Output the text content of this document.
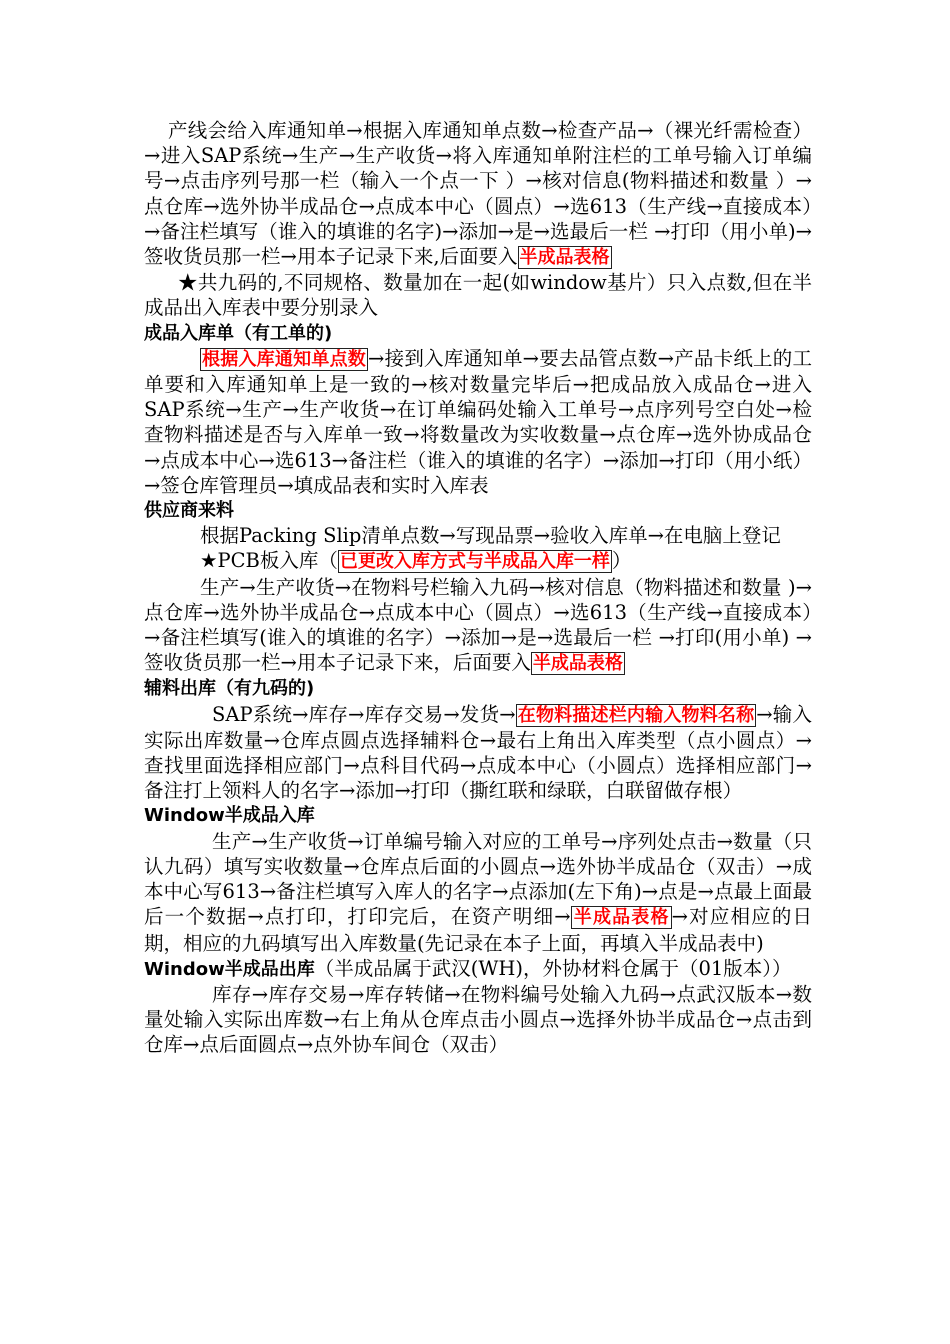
产线会给入库通知单→根据入库通知单点数→检查产品→（裸光纤需检查）→进入SAP系统→生产→生产收货→将入库通知单附注栏的工单号输入订单编号→点击序列号那一栏（输入一个点一下 ）→核对信息(物料描述和数量 ）→点仓库→选外协半成品仓→点成本中心（圆点）→选613（生产线→直接成本）→备注栏填写（谁入的填谁的名字)→添加→是→选最后一栏 →打印（用小单)→签收货员那一栏→用本子记录下来,后面要入 半成品表格

★共九码的,不同规格、数量加在一起(如window基片）只入点数,但在半成品出入库表中要分别录入

成品入库单（有工单的)

根据入库通知单点数 →接到入库通知单→要去品管点数→产品卡纸上的工单要和入库通知单上是一致的→核对数量完毕后→把成品放入成品仓→进入SAP系统→生产→生产收货→在订单编码处输入工单号→点序列号空白处→检查物料描述是否与入库单一致→将数量改为实收数量→点仓库→选外协成品仓→点成本中心→选613→备注栏（谁入的填谁的名字）→添加→打印（用小纸）→签仓库管理员→填成品表和实时入库表

供应商来料

根据Packing Slip清单点数→写现品票→验收入库单→在电脑上登记

★PCB板入库（ 已更改入库方式与半成品入库一样 ）

生产→生产收货→在物料号栏输入九码→核对信息（物料描述和数量 )→点仓库→选外协半成品仓→点成本中心（圆点）→选613（生产线→直接成本）→备注栏填写(谁入的填谁的名字）→添加→是→选最后一栏 →打印(用小单) →签收货员那一栏→用本子记录下来，后面要入 半成品表格

辅料出库（有九码的)

SAP系统→库存→库存交易→发货→ 在物料描述栏内输入物料名称 →输入实际出库数量→仓库点圆点选择辅料仓→最右上角出入库类型（点小圆点）→查找里面选择相应部门→点科目代码→点成本中心（小圆点）选择相应部门→备注打上领料人的名字→添加→打印（撕红联和绿联，白联留做存根）

Window半成品入库

生产→生产收货→订单编号输入对应的工单号→序列处点击→数量（只认九码）填写实收数量→仓库点后面的小圆点→选外协半成品仓（双击）→成本中心写613→备注栏填写入库人的名字→点添加(左下角)→点是→点最上面最后一个数据→点打印，打印完后，在资产明细→ 半成品表格 →对应相应的日期，相应的九码填写出入库数量(先记录在本子上面，再填入半成品表中)

Window半成品出库（半成品属于武汉(WH)，外协材料仓属于（01版本））

库存→库存交易→库存转储→在物料编号处输入九码→点武汉版本→数量处输入实际出库数→右上角从仓库点击小圆点→选择外协半成品仓→点击到仓库→点后面圆点→点外协车间仓（双击）
